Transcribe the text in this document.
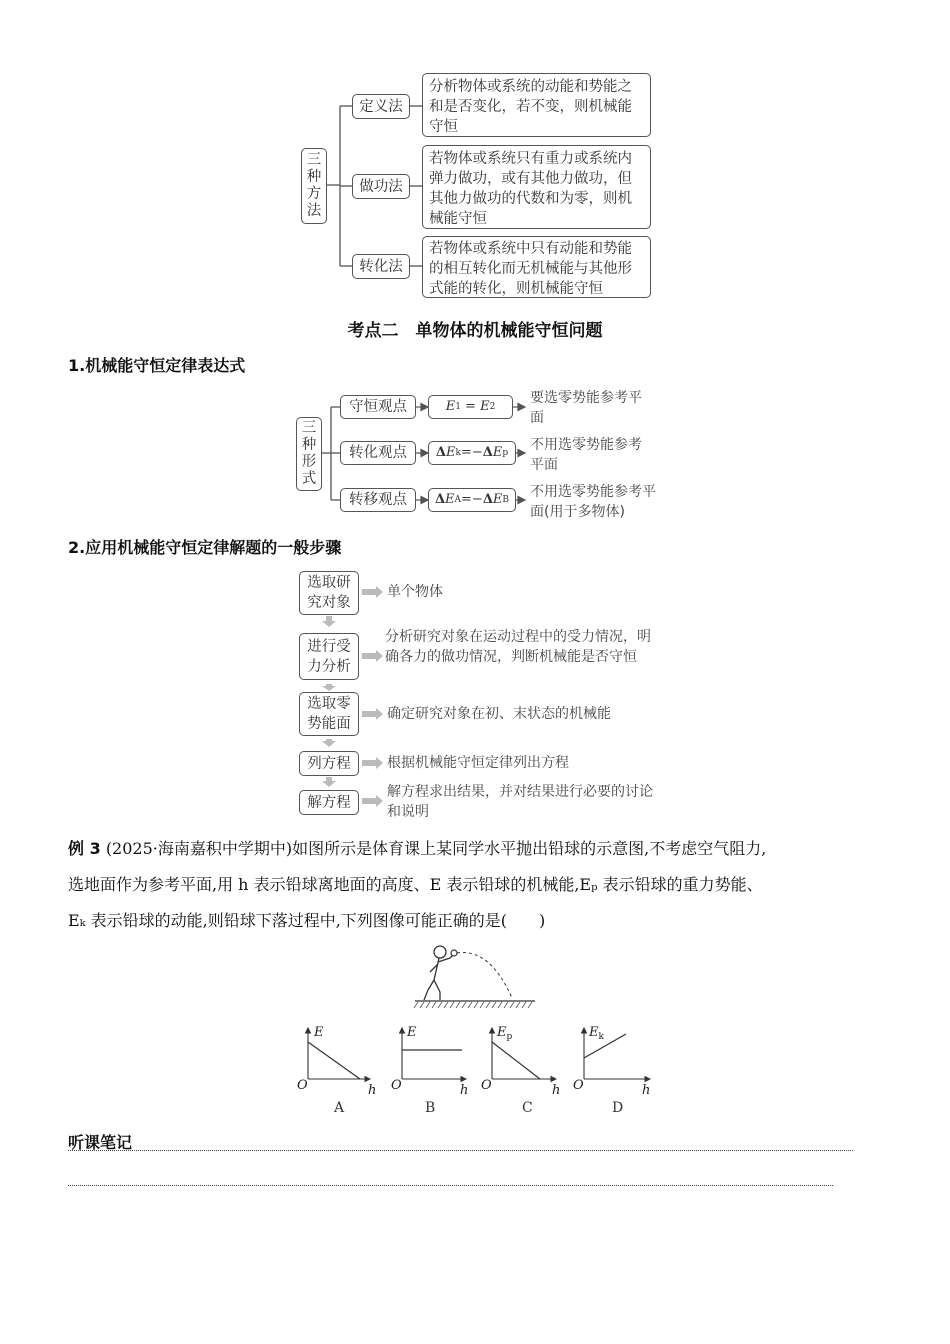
三
种
方
法
定义法
做功法
转化法
分析物体或系统的动能和势能之和是否变化，若不变，则机械能守恒
若物体或系统只有重力或系统内弹力做功，或有其他力做功，但其他力做功的代数和为零，则机械能守恒
若物体或系统中只有动能和势能的相互转化而无机械能与其他形式能的转化，则机械能守恒
考点二　单物体的机械能守恒问题
1.机械能守恒定律表达式
三
种
形
式
守恒观点
转化观点
转移观点
E 1 = E 2
Δ E k =− Δ E p
Δ E A =− Δ E B
要选零势能参考平面
不用选零势能参考平面
不用选零势能参考平面(用于多物体)
2.应用机械能守恒定律解题的一般步骤
选取研究对象
进行受力分析
选取零势能面
列方程
解方程
单个物体
分析研究对象在运动过程中的受力情况，明确各力的做功情况，判断机械能是否守恒
确定研究对象在初、末状态的机械能
根据机械能守恒定律列出方程
解方程求出结果，并对结果进行必要的讨论和说明
例 3 (2025·海南嘉积中学期中)如图所示是体育课上某同学水平抛出铅球的示意图,不考虑空气阻力,
选地面作为参考平面,用 h 表示铅球离地面的高度、E 表示铅球的机械能,Eₚ 表示铅球的重力势能、
Eₖ 表示铅球的动能,则铅球下落过程中,下列图像可能正确的是(　　)
E
h
O
E
h
O
$E_p$
h
O
$E_k$
h
O
A	B	C	D
听课笔记
